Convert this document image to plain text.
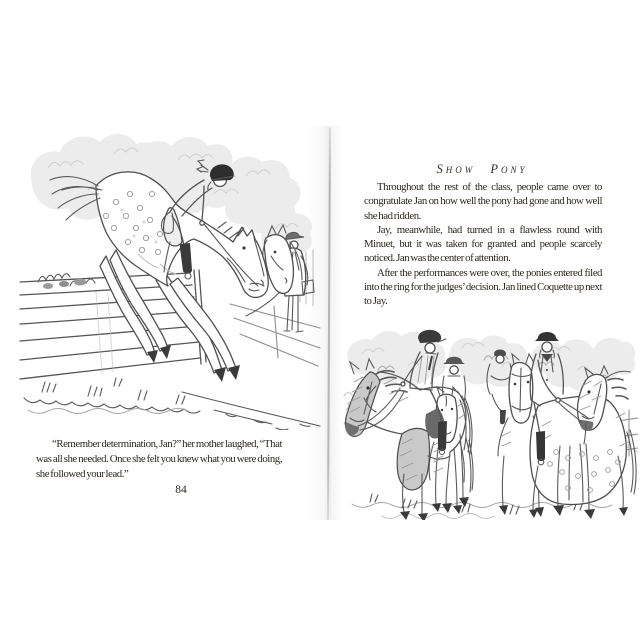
“Remember determination, Jan?” her mother laughed, “That was all she needed. Once she felt you knew what you were doing, she followed your lead.”
84
Show Pony

Throughout the rest of the class, people came over to congratulate Jan on how well the pony had gone and how well she had ridden.

Jay, meanwhile, had turned in a flawless round with Minuet, but it was taken for granted and people scarcely noticed. Jan was the center of attention.

After the performances were over, the ponies entered filed into the ring for the judges’ decision. Jan lined Coquette up next to Jay.
